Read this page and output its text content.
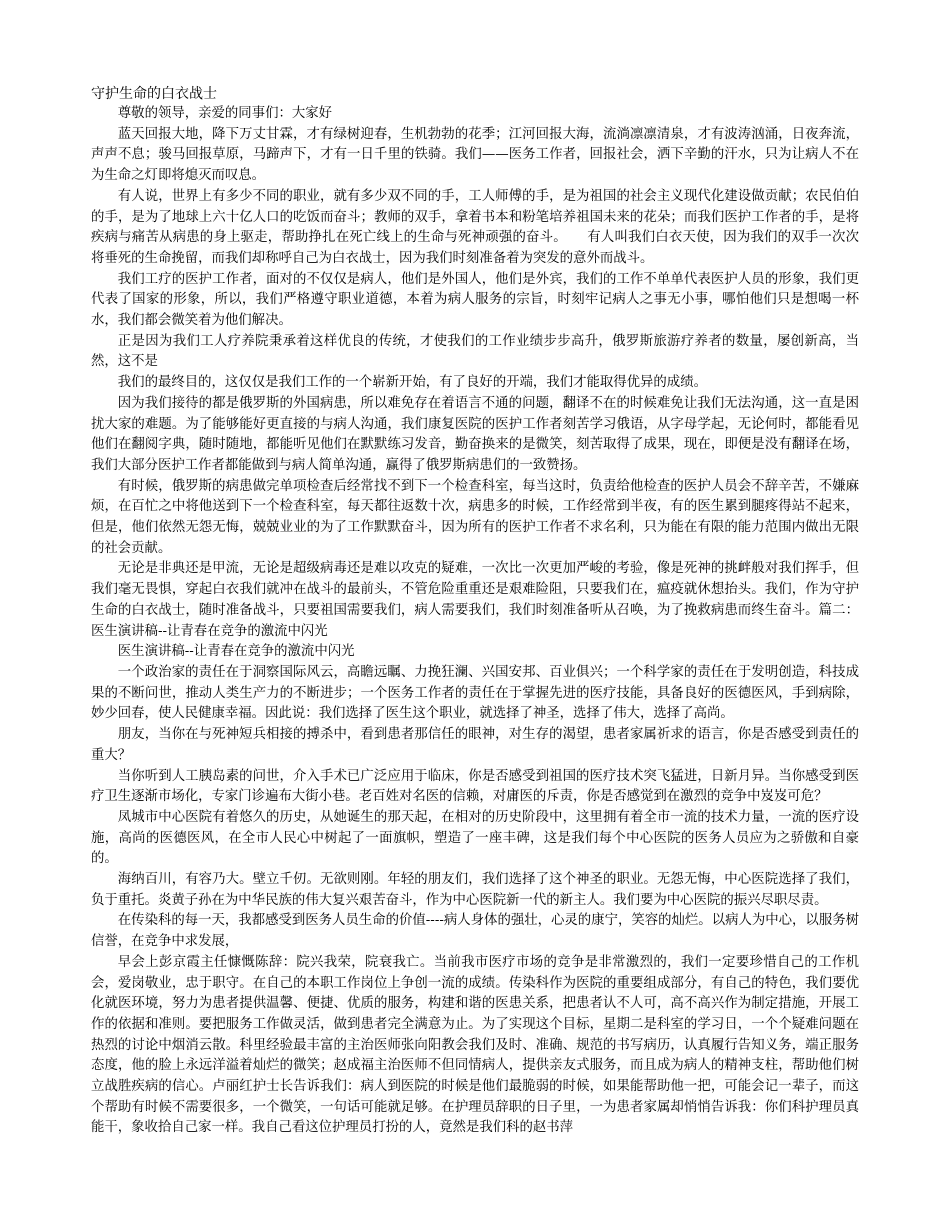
守护生命的白衣战士

尊敬的领导，亲爱的同事们：大家好

蓝天回报大地，降下万丈甘霖，才有绿树迎春，生机勃勃的花季；江河回报大海，流淌凛凛清泉，才有波涛汹涌，日夜奔流，声声不息；骏马回报草原，马蹄声下，才有一日千里的铁骑。我们——医务工作者，回报社会，洒下辛勤的汗水，只为让病人不在为生命之灯即将熄灭而叹息。

有人说，世界上有多少不同的职业，就有多少双不同的手，工人师傅的手，是为祖国的社会主义现代化建设做贡献；农民伯伯的手，是为了地球上六十亿人口的吃饭而奋斗；教师的双手，拿着书本和粉笔培养祖国未来的花朵；而我们医护工作者的手，是将疾病与痛苦从病患的身上驱走，帮助挣扎在死亡线上的生命与死神顽强的奋斗。　　有人叫我们白衣天使，因为我们的双手一次次将垂死的生命挽留，而我们却称呼自己为白衣战士，因为我们时刻准备着为突发的意外而战斗。

我们工疗的医护工作者，面对的不仅仅是病人，他们是外国人，他们是外宾，我们的工作不单单代表医护人员的形象，我们更代表了国家的形象，所以，我们严格遵守职业道德，本着为病人服务的宗旨，时刻牢记病人之事无小事，哪怕他们只是想喝一杯水，我们都会微笑着为他们解决。

正是因为我们工人疗养院秉承着这样优良的传统，才使我们的工作业绩步步高升，俄罗斯旅游疗养者的数量，屡创新高，当然，这不是

我们的最终目的，这仅仅是我们工作的一个崭新开始，有了良好的开端，我们才能取得优异的成绩。

因为我们接待的都是俄罗斯的外国病患，所以难免存在着语言不通的问题，翻译不在的时候难免让我们无法沟通，这一直是困扰大家的难题。为了能够能好更直接的与病人沟通，我们康复医院的医护工作者刻苦学习俄语，从字母学起，无论何时，都能看见他们在翻阅字典，随时随地，都能听见他们在默默练习发音，勤奋换来的是微笑，刻苦取得了成果，现在，即便是没有翻译在场，我们大部分医护工作者都能做到与病人简单沟通，赢得了俄罗斯病患们的一致赞扬。

有时候，俄罗斯的病患做完单项检查后经常找不到下一个检查科室，每当这时，负责给他检查的医护人员会不辞辛苦，不嫌麻烦，在百忙之中将他送到下一个检查科室，每天都往返数十次，病患多的时候，工作经常到半夜，有的医生累到腿疼得站不起来，但是，他们依然无怨无悔，兢兢业业的为了工作默默奋斗，因为所有的医护工作者不求名利，只为能在有限的能力范围内做出无限的社会贡献。

无论是非典还是甲流，无论是超级病毒还是难以攻克的疑难，一次比一次更加严峻的考验，像是死神的挑衅般对我们挥手，但我们毫无畏惧，穿起白衣我们就冲在战斗的最前头，不管危险重重还是艰难险阻，只要我们在，瘟疫就休想抬头。我们，作为守护生命的白衣战士，随时准备战斗，只要祖国需要我们，病人需要我们，我们时刻准备听从召唤，为了挽救病患而终生奋斗。篇二：医生演讲稿--让青春在竞争的激流中闪光

医生演讲稿--让青春在竞争的激流中闪光

一个政治家的责任在于洞察国际风云，高瞻远瞩、力挽狂澜、兴国安邦、百业俱兴；一个科学家的责任在于发明创造，科技成果的不断问世，推动人类生产力的不断进步；一个医务工作者的责任在于掌握先进的医疗技能，具备良好的医德医风，手到病除，妙少回春，使人民健康幸福。因此说：我们选择了医生这个职业，就选择了神圣，选择了伟大，选择了高尚。

朋友，当你在与死神短兵相接的搏杀中，看到患者那信任的眼神，对生存的渴望，患者家属祈求的语言，你是否感受到责任的重大？

当你听到人工胰岛素的问世，介入手术已广泛应用于临床，你是否感受到祖国的医疗技术突飞猛进，日新月异。当你感受到医疗卫生逐渐市场化，专家门诊遍布大街小巷。老百姓对名医的信赖，对庸医的斥责，你是否感觉到在激烈的竞争中岌岌可危？

凤城市中心医院有着悠久的历史，从她诞生的那天起，在相对的历史阶段中，这里拥有着全市一流的技术力量，一流的医疗设施，高尚的医德医风，在全市人民心中树起了一面旗帜，塑造了一座丰碑，这是我们每个中心医院的医务人员应为之骄傲和自豪的。

海纳百川，有容乃大。壁立千仞。无欲则刚。年轻的朋友们，我们选择了这个神圣的职业。无怨无悔，中心医院选择了我们，负于重托。炎黄子孙在为中华民族的伟大复兴艰苦奋斗，作为中心医院新一代的新主人。我们要为中心医院的振兴尽职尽责。

在传染科的每一天，我都感受到医务人员生命的价值----病人身体的强壮，心灵的康宁，笑容的灿烂。以病人为中心，以服务树信誉，在竞争中求发展，

早会上彭京霞主任慷慨陈辞：院兴我荣，院衰我亡。当前我市医疗市场的竞争是非常激烈的，我们一定要珍惜自己的工作机会，爱岗敬业，忠于职守。在自己的本职工作岗位上争创一流的成绩。传染科作为医院的重要组成部分，有自己的特色，我们要优化就医环境，努力为患者提供温馨、便捷、优质的服务，构建和谐的医患关系，把患者认不人可，高不高兴作为制定措施，开展工作的依据和准则。要把服务工作做灵活，做到患者完全满意为止。为了实现这个目标，星期二是科室的学习日，一个个疑难问题在热烈的讨论中烟消云散。科里经验最丰富的主治医师张向阳教会我们及时、准确、规范的书写病历，认真履行告知义务，端正服务态度，他的脸上永远洋溢着灿烂的微笑；赵成福主治医师不但同情病人，提供亲友式服务，而且成为病人的精神支柱，帮助他们树立战胜疾病的信心。卢丽红护士长告诉我们：病人到医院的时候是他们最脆弱的时候，如果能帮助他一把，可能会记一辈子，而这个帮助有时候不需要很多，一个微笑，一句话可能就足够。在护理员辞职的日子里，一为患者家属却悄悄告诉我：你们科护理员真能干，象收拾自己家一样。我自己看这位护理员打扮的人，竟然是我们科的赵书萍
